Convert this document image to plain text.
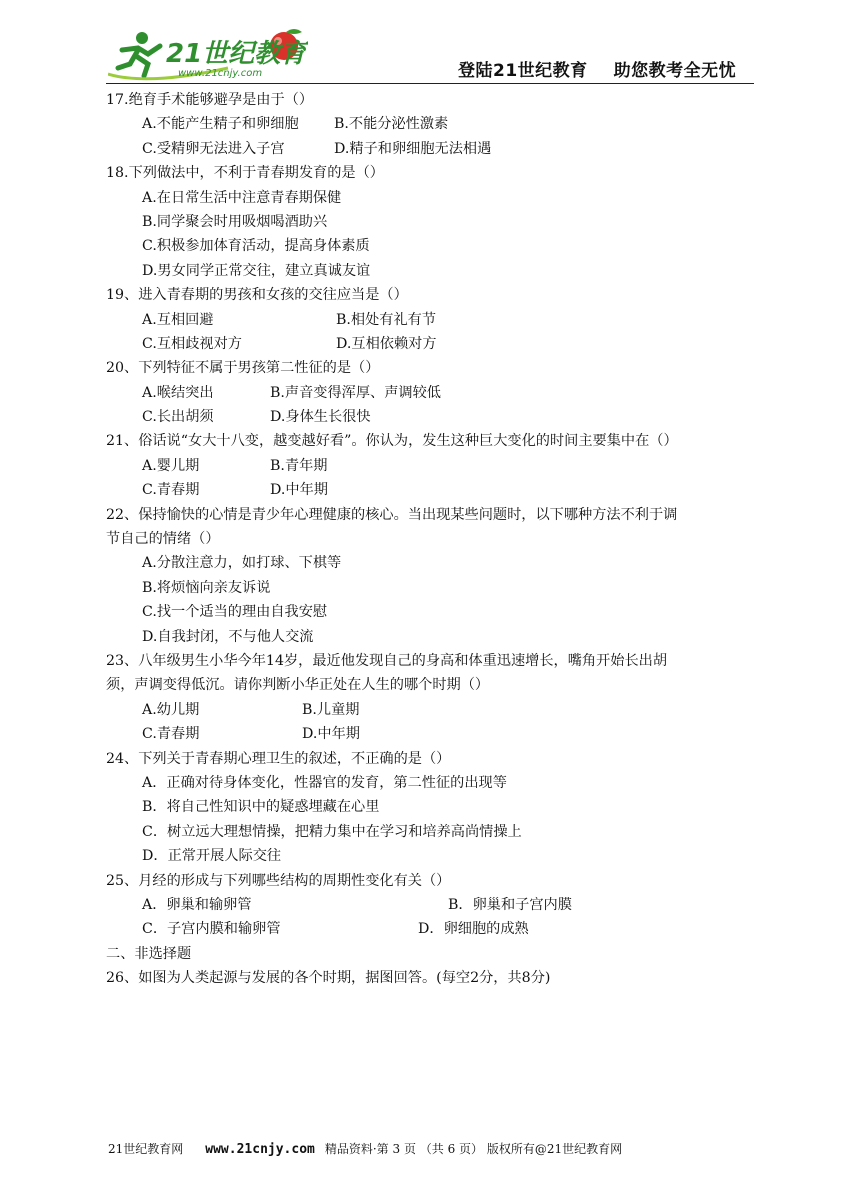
21世纪教育
www.21cnjy.com	登陆21世纪教育 助您教考全无忧
17.绝育手术能够避孕是由于（）
A.不能产生精子和卵细胞	B.不能分泌性激素
C.受精卵无法进入子宫	D.精子和卵细胞无法相遇
18.下列做法中，不利于青春期发育的是（）
A.在日常生活中注意青春期保健
B.同学聚会时用吸烟喝酒助兴
C.积极参加体育活动，提高身体素质
D.男女同学正常交往，建立真诚友谊
19、进入青春期的男孩和女孩的交往应当是（）
A.互相回避	B.相处有礼有节
C.互相歧视对方	D.互相依赖对方
20、下列特征不属于男孩第二性征的是（）
A.喉结突出	B.声音变得浑厚、声调较低
C.长出胡须	D.身体生长很快
21、俗话说“女大十八变，越变越好看”。你认为，发生这种巨大变化的时间主要集中在（）
A.婴儿期	B.青年期
C.青春期	D.中年期
22、保持愉快的心情是青少年心理健康的核心。当出现某些问题时，以下哪种方法不利于调
节自己的情绪（）
A.分散注意力，如打球、下棋等
B.将烦恼向亲友诉说
C.找一个适当的理由自我安慰
D.自我封闭，不与他人交流
23、八年级男生小华今年14岁，最近他发现自己的身高和体重迅速增长，嘴角开始长出胡
须，声调变得低沉。请你判断小华正处在人生的哪个时期（）
A.幼儿期	B.儿童期
C.青春期	D.中年期
24、下列关于青春期心理卫生的叙述，不正确的是（）
A．正确对待身体变化，性器官的发育，第二性征的出现等
B．将自己性知识中的疑惑埋藏在心里
C．树立远大理想情操，把精力集中在学习和培养高尚情操上
D．正常开展人际交往
25、月经的形成与下列哪些结构的周期性变化有关（）
A．卵巢和输卵管	B．卵巢和子宫内膜
C．子宫内膜和输卵管	D．卵细胞的成熟
二、非选择题
26、如图为人类起源与发展的各个时期，据图回答。(每空2分，共8分)
21世纪教育网 www.21cnjy.com 精品资料·第 3 页 （共 6 页） 版权所有@21世纪教育网
